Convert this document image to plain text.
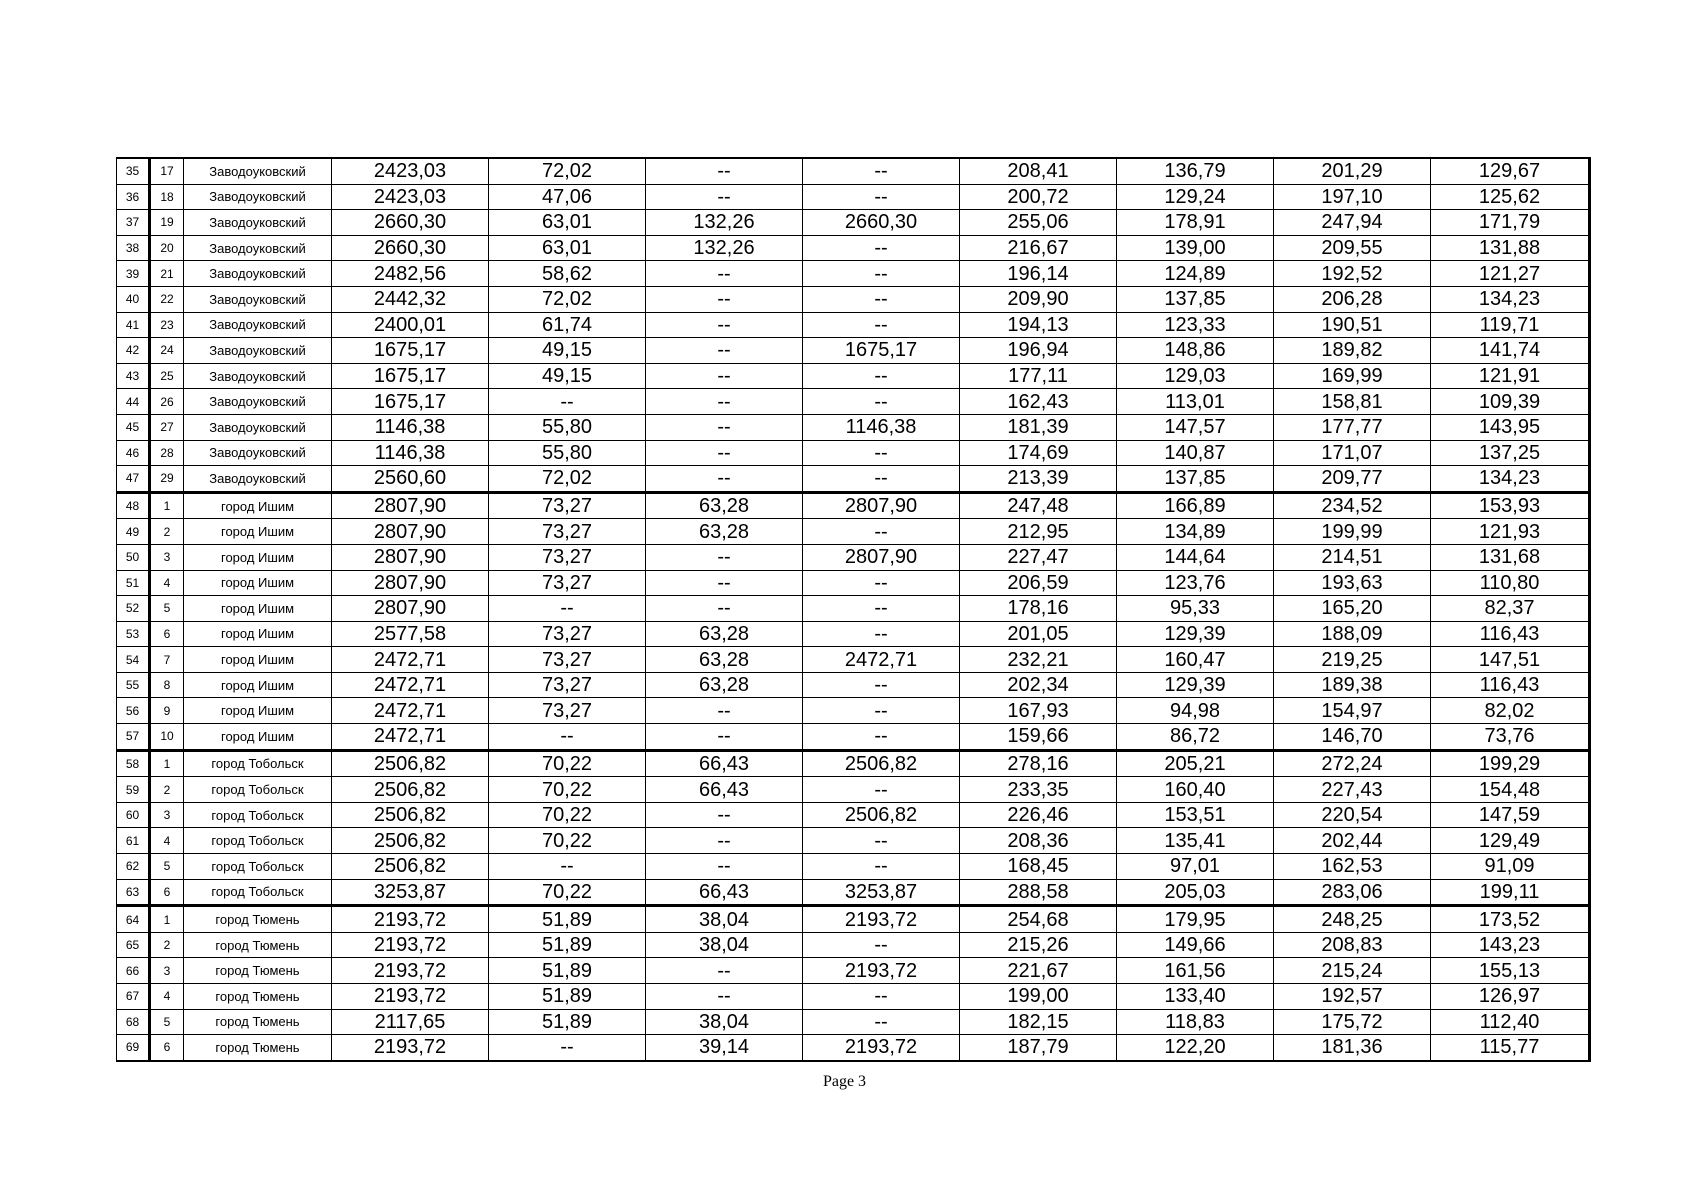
35	17	Заводоуковский	2423,03	72,02	--	--	208,41	136,79	201,29	129,67
36	18	Заводоуковский	2423,03	47,06	--	--	200,72	129,24	197,10	125,62
37	19	Заводоуковский	2660,30	63,01	132,26	2660,30	255,06	178,91	247,94	171,79
38	20	Заводоуковский	2660,30	63,01	132,26	--	216,67	139,00	209,55	131,88
39	21	Заводоуковский	2482,56	58,62	--	--	196,14	124,89	192,52	121,27
40	22	Заводоуковский	2442,32	72,02	--	--	209,90	137,85	206,28	134,23
41	23	Заводоуковский	2400,01	61,74	--	--	194,13	123,33	190,51	119,71
42	24	Заводоуковский	1675,17	49,15	--	1675,17	196,94	148,86	189,82	141,74
43	25	Заводоуковский	1675,17	49,15	--	--	177,11	129,03	169,99	121,91
44	26	Заводоуковский	1675,17	--	--	--	162,43	113,01	158,81	109,39
45	27	Заводоуковский	1146,38	55,80	--	1146,38	181,39	147,57	177,77	143,95
46	28	Заводоуковский	1146,38	55,80	--	--	174,69	140,87	171,07	137,25
47	29	Заводоуковский	2560,60	72,02	--	--	213,39	137,85	209,77	134,23
48	1	город Ишим	2807,90	73,27	63,28	2807,90	247,48	166,89	234,52	153,93
49	2	город Ишим	2807,90	73,27	63,28	--	212,95	134,89	199,99	121,93
50	3	город Ишим	2807,90	73,27	--	2807,90	227,47	144,64	214,51	131,68
51	4	город Ишим	2807,90	73,27	--	--	206,59	123,76	193,63	110,80
52	5	город Ишим	2807,90	--	--	--	178,16	95,33	165,20	82,37
53	6	город Ишим	2577,58	73,27	63,28	--	201,05	129,39	188,09	116,43
54	7	город Ишим	2472,71	73,27	63,28	2472,71	232,21	160,47	219,25	147,51
55	8	город Ишим	2472,71	73,27	63,28	--	202,34	129,39	189,38	116,43
56	9	город Ишим	2472,71	73,27	--	--	167,93	94,98	154,97	82,02
57	10	город Ишим	2472,71	--	--	--	159,66	86,72	146,70	73,76
58	1	город Тобольск	2506,82	70,22	66,43	2506,82	278,16	205,21	272,24	199,29
59	2	город Тобольск	2506,82	70,22	66,43	--	233,35	160,40	227,43	154,48
60	3	город Тобольск	2506,82	70,22	--	2506,82	226,46	153,51	220,54	147,59
61	4	город Тобольск	2506,82	70,22	--	--	208,36	135,41	202,44	129,49
62	5	город Тобольск	2506,82	--	--	--	168,45	97,01	162,53	91,09
63	6	город Тобольск	3253,87	70,22	66,43	3253,87	288,58	205,03	283,06	199,11
64	1	город Тюмень	2193,72	51,89	38,04	2193,72	254,68	179,95	248,25	173,52
65	2	город Тюмень	2193,72	51,89	38,04	--	215,26	149,66	208,83	143,23
66	3	город Тюмень	2193,72	51,89	--	2193,72	221,67	161,56	215,24	155,13
67	4	город Тюмень	2193,72	51,89	--	--	199,00	133,40	192,57	126,97
68	5	город Тюмень	2117,65	51,89	38,04	--	182,15	118,83	175,72	112,40
69	6	город Тюмень	2193,72	--	39,14	2193,72	187,79	122,20	181,36	115,77
Page 3
